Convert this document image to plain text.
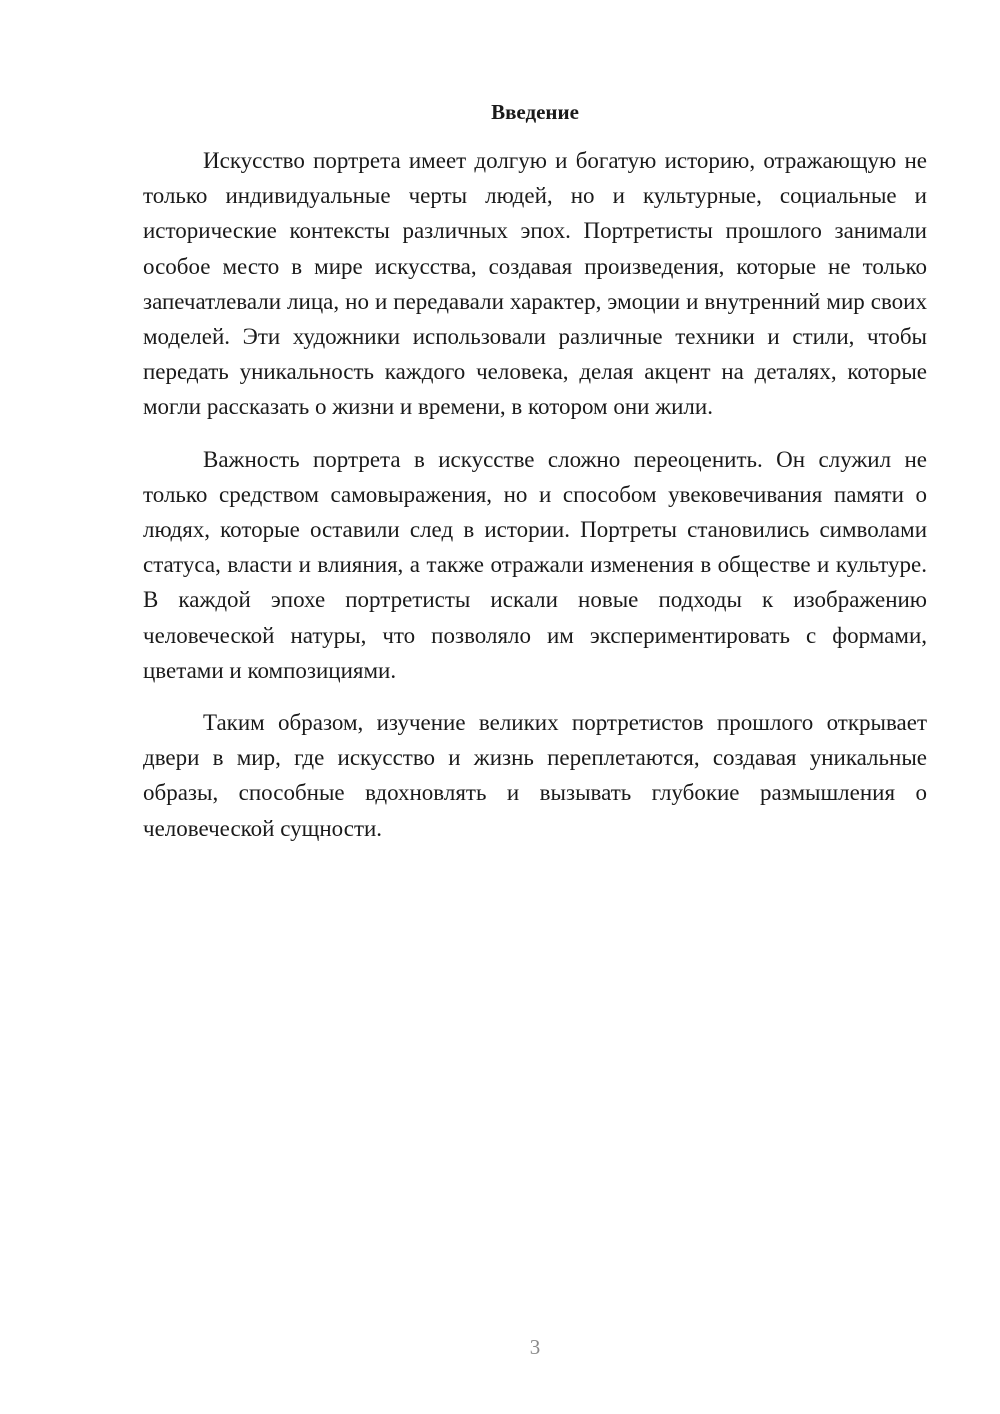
Введение

Искусство портрета имеет долгую и богатую историю, отражающую не только индивидуальные черты людей, но и культурные, социальные и исторические контексты различных эпох. Портретисты прошлого занимали особое место в мире искусства, создавая произведения, которые не только запечатлевали лица, но и передавали характер, эмоции и внутренний мир своих моделей. Эти художники использовали различные техники и стили, чтобы передать уникальность каждого человека, делая акцент на деталях, которые могли рассказать о жизни и времени, в котором они жили.

Важность портрета в искусстве сложно переоценить. Он служил не только средством самовыражения, но и способом увековечивания памяти о людях, которые оставили след в истории. Портреты становились символами статуса, власти и влияния, а также отражали изменения в обществе и культуре. В каждой эпохе портретисты искали новые подходы к изображению человеческой натуры, что позволяло им экспериментировать с формами, цветами и композициями.

Таким образом, изучение великих портретистов прошлого открывает двери в мир, где искусство и жизнь переплетаются, создавая уникальные образы, способные вдохновлять и вызывать глубокие размышления о человеческой сущности.

3
